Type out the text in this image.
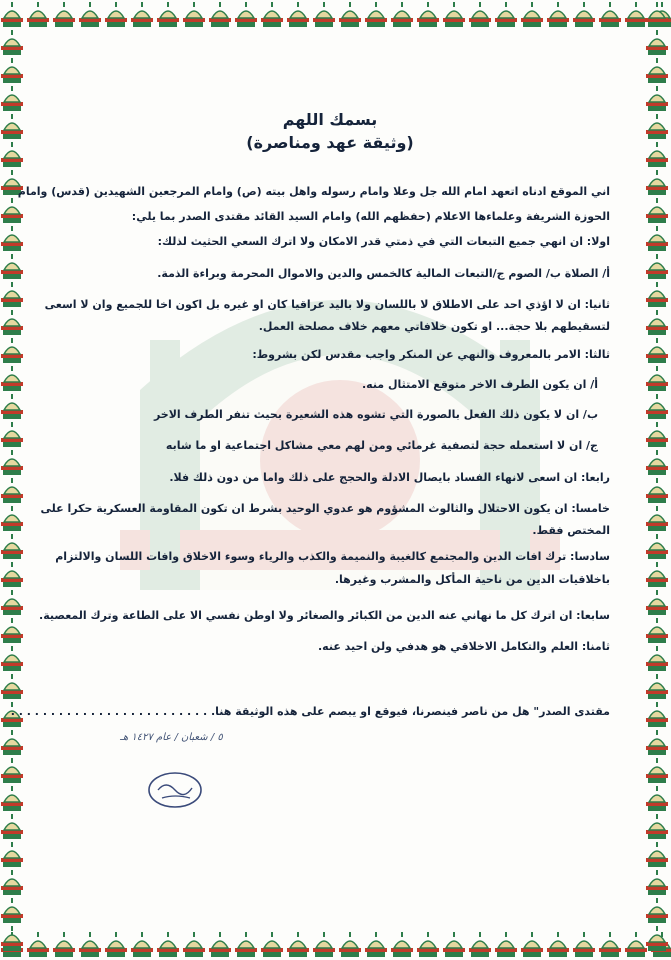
بسمك اللهم
(وثيقة عهد ومناصرة)
اني الموقع ادناه اتعهد امام الله جل وعلا وامام رسوله واهل بيته (ص) وامام المرجعين الشهيدين (قدس) وامام
الحوزة الشريفة وعلماءها الاعلام (حفظهم الله) وامام السيد القائد مقتدى الصدر بما يلي:
اولا: ان انهي جميع التبعات التي في ذمتي قدر الامكان ولا اترك السعي الحثيث لذلك:
أ/ الصلاة ب/ الصوم ج/التبعات المالية كالخمس والدين والاموال المحرمة وبراءة الذمة.
ثانيا: ان لا اؤذي احد على الاطلاق لا باللسان ولا باليد عراقيا كان او غيره بل اكون اخا للجميع وان لا اسعى
لتسقيطهم بلا حجة... او تكون خلافاتي معهم خلاف مصلحة العمل.
ثالثا: الامر بالمعروف والنهي عن المنكر واجب مقدس لكن بشروط:
أ/ ان يكون الطرف الاخر متوقع الامتثال منه.
ب/ ان لا يكون ذلك الفعل بالصورة التي تشوه هذه الشعيرة بحيث تنفر الطرف الاخر
ج/ ان لا استعمله حجة لتصفية غرمائي ومن لهم معي مشاكل اجتماعية او ما شابه
رابعا: ان اسعى لانهاء الفساد بايصال الادلة والحجج على ذلك واما من دون ذلك فلا.
خامسا: ان يكون الاحتلال والثالوث المشؤوم هو عدوي الوحيد بشرط ان تكون المقاومة العسكرية حكرا على
المختص فقط.
سادسا: ترك افات الدين والمجتمع كالغيبة والنميمة والكذب والرياء وسوء الاخلاق وافات اللسان والالتزام
باخلاقيات الدين من ناحية المأكل والمشرب وغيرها.
سابعا: ان اترك كل ما نهاني عنه الدين من الكبائر والصغائر ولا اوطن نفسي الا على الطاعة وترك المعصية.
ثامنا: العلم والتكامل الاخلاقي هو هدفي ولن احيد عنه.
مقتدى الصدر" هل من ناصر فينصرنا، فيوقع او يبصم على هذه الوثيقة هنا. . . . . . . . . . . . . . . . . . . . . . . . . .
٥ / شعبان / عام ١٤٢٧ هـ
